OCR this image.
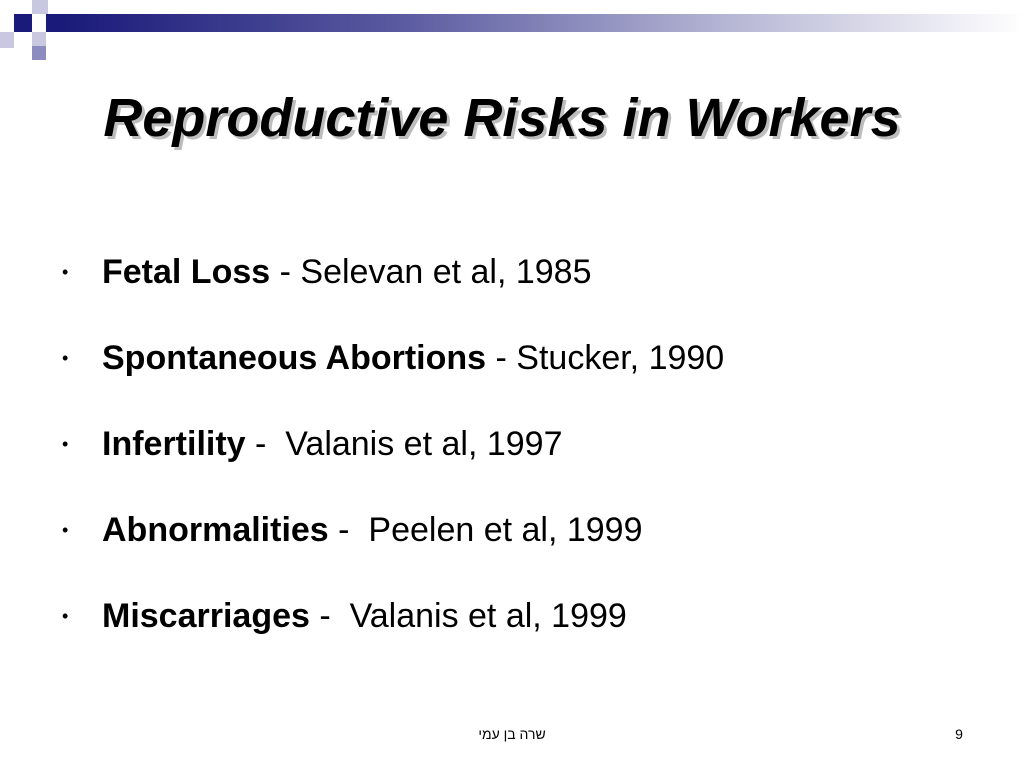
Reproductive Risks in Workers

•

Fetal Loss - Selevan et al, 1985

•

Spontaneous Abortions - Stucker, 1990

•

Infertility -  Valanis et al, 1997

•

Abnormalities -  Peelen et al, 1999

•

Miscarriages -  Valanis et al, 1999

שרה בן עמי	9
